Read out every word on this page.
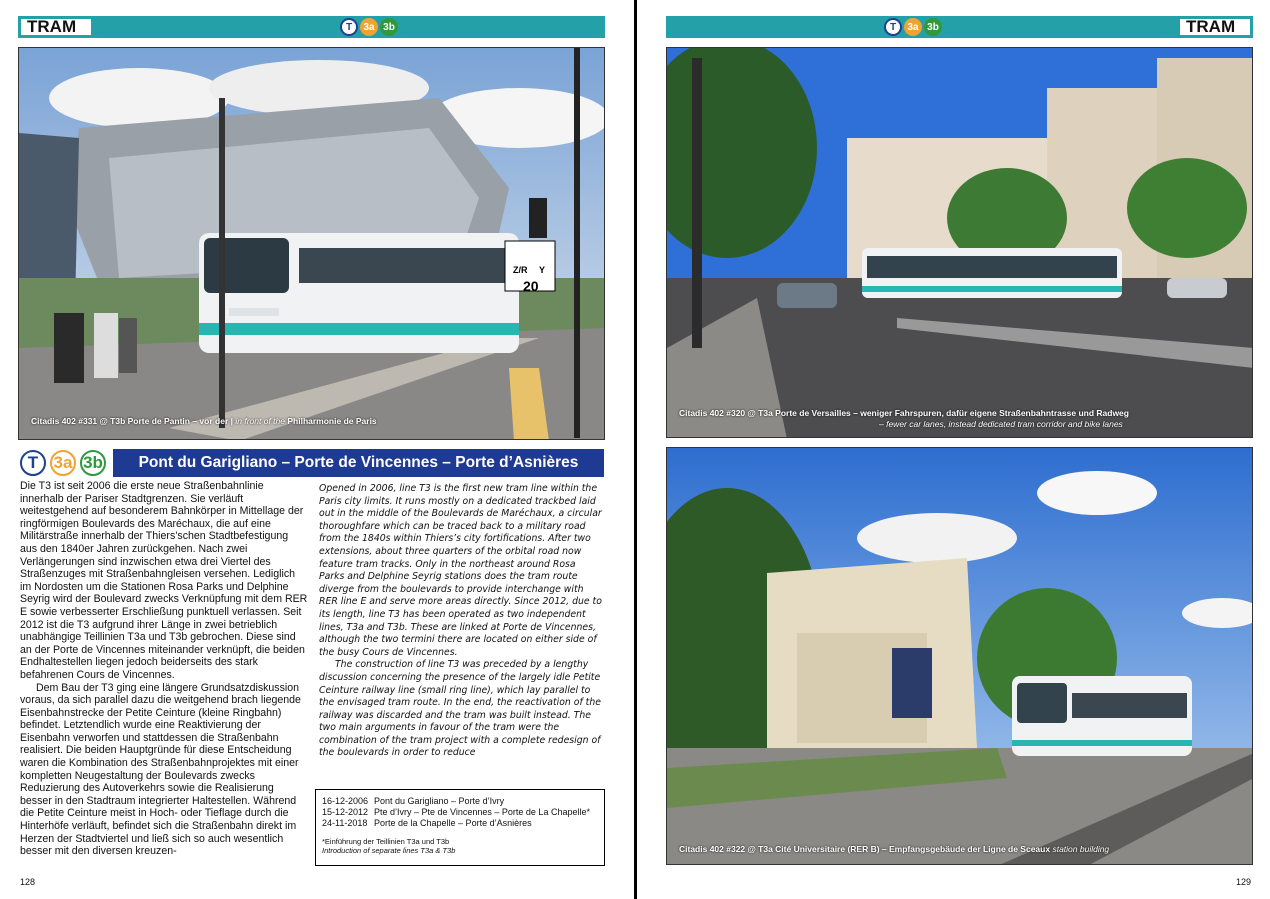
TRAM	T	3a 3b
Z/R Y
20
Citadis 402 #331 @ T3b Porte de Pantin – vor der | in front of the Philharmonie de Paris
T 3a 3b	Pont du Garigliano – Porte de Vincennes – Porte d’Asnières

Die T3 ist seit 2006 die erste neue Straßenbahnlinie innerhalb der Pariser Stadtgrenzen. Sie verläuft weitestgehend auf besonderem Bahnkörper in Mittellage der ringförmigen Boulevards des Maréchaux, die auf eine Militärstraße innerhalb der Thiers’schen Stadtbefestigung aus den 1840er Jahren zurückgehen. Nach zwei Verlängerungen sind inzwischen etwa drei Viertel des Straßenzuges mit Straßenbahngleisen versehen. Lediglich im Nordosten um die Stationen Rosa Parks und Delphine Seyrig wird der Boulevard zwecks Verknüpfung mit dem RER E sowie verbesserter Erschließung punktuell verlassen. Seit 2012 ist die T3 aufgrund ihrer Länge in zwei betrieblich unabhängige Teillinien T3a und T3b gebrochen. Diese sind an der Porte de Vincennes miteinander verknüpft, die beiden Endhaltestellen liegen jedoch beiderseits des stark befahrenen Cours de Vincennes.

Dem Bau der T3 ging eine längere Grundsatzdiskussion voraus, da sich parallel dazu die weitgehend brach liegende Eisenbahnstrecke der Petite Ceinture (kleine Ringbahn) befindet. Letztendlich wurde eine Reaktivierung der Eisenbahn verworfen und stattdessen die Straßenbahn realisiert. Die beiden Hauptgründe für diese Entscheidung waren die Kombination des Straßenbahnprojektes mit einer kompletten Neugestaltung der Boulevards zwecks Reduzierung des Autoverkehrs sowie die Realisierung besser in den Stadtraum integrierter Haltestellen. Während die Petite Ceinture meist in Hoch- oder Tieflage durch die Hinterhöfe verläuft, befindet sich die Straßenbahn direkt im Herzen der Stadtviertel und ließ sich so auch wesentlich besser mit den diversen kreuzen-

Opened in 2006, line T3 is the first new tram line within the Paris city limits. It runs mostly on a dedicated trackbed laid out in the middle of the Boulevards de Maréchaux, a circular thoroughfare which can be traced back to a military road from the 1840s within Thiers’s city fortifications. After two extensions, about three quarters of the orbital road now feature tram tracks. Only in the northeast around Rosa Parks and Delphine Seyrig stations does the tram route diverge from the boulevards to provide interchange with RER line E and serve more areas directly. Since 2012, due to its length, line T3 has been operated as two independent lines, T3a and T3b. These are linked at Porte de Vincennes, although the two termini there are located on either side of the busy Cours de Vincennes.

The construction of line T3 was preceded by a lengthy discussion concerning the presence of the largely idle Petite Ceinture railway line (small ring line), which lay parallel to the envisaged tram route. In the end, the reactivation of the railway was discarded and the tram was built instead. The two main arguments in favour of the tram were the combination of the tram project with a complete redesign of the boulevards in order to reduce

16-12-2006 Pont du Garigliano – Porte d’Ivry
15-12-2012 Pte d’Ivry – Pte de Vincennes – Porte de La Chapelle*
24-11-2018 Porte de la Chapelle – Porte d’Asnières
*Einführung der Teillinien T3a und T3b
Introduction of separate lines T3a & T3b
128
T	3a 3b	TRAM
Citadis 402 #320 @ T3a Porte de Versailles – weniger Fahrspuren, dafür eigene Straßenbahntrasse und Radweg
– fewer car lanes, instead dedicated tram corridor and bike lanes
Citadis 402 #322 @ T3a Cité Universitaire (RER B) – Empfangsgebäude der Ligne de Sceaux station building
129
